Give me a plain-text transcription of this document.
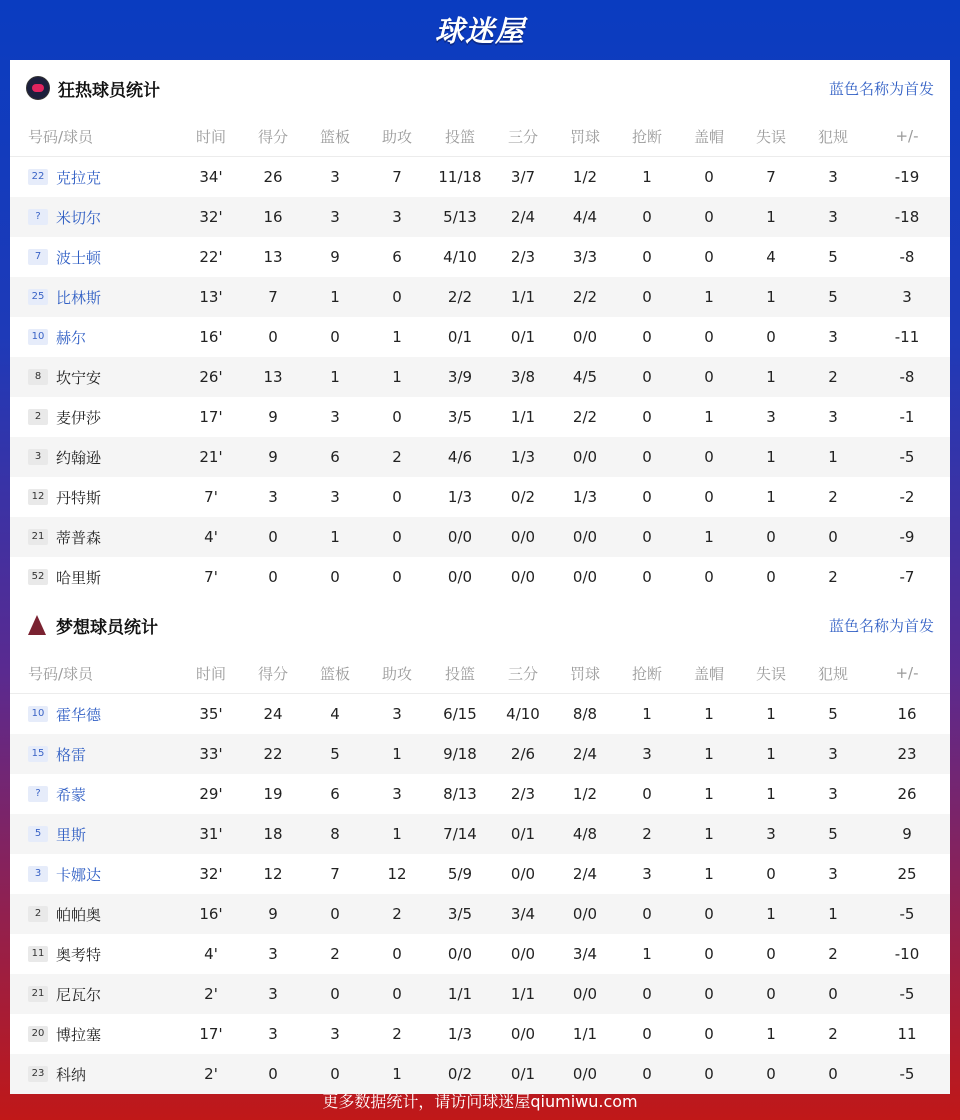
球迷屋
狂热球员统计	蓝色名称为首发
号码/球员	时间	得分	篮板	助攻	投篮	三分	罚球	抢断	盖帽	失误	犯规	+/-
22 克拉克	34'	26	3	7	11/18	3/7	1/2	1	0	7	3	-19
?	米切尔	32'	16	3	3	5/13	2/4	4/4	0	0	1	3	-18
7 波士顿	22'	13	9	6	4/10	2/3	3/3	0	0	4	5	-8
25 比林斯	13'	7	1	0	2/2	1/1	2/2	0	1	1	5	3
10 赫尔	16'	0	0	1	0/1	0/1	0/0	0	0	0	3	-11
8 坎宁安	26'	13	1	1	3/9	3/8	4/5	0	0	1	2	-8
2 麦伊莎	17'	9	3	0	3/5	1/1	2/2	0	1	3	3	-1
3 约翰逊	21'	9	6	2	4/6	1/3	0/0	0	0	1	1	-5
12 丹特斯	7'	3	3	0	1/3	0/2	1/3	0	0	1	2	-2
21 蒂普森	4'	0	1	0	0/0	0/0	0/0	0	1	0	0	-9
52 哈里斯	7'	0	0	0	0/0	0/0	0/0	0	0	0	2	-7
梦想球员统计	蓝色名称为首发
号码/球员	时间	得分	篮板	助攻	投篮	三分	罚球	抢断	盖帽	失误	犯规	+/-
10 霍华德	35'	24	4	3	6/15	4/10	8/8	1	1	1	5	16
15 格雷	33'	22	5	1	9/18	2/6	2/4	3	1	1	3	23
?	希蒙	29'	19	6	3	8/13	2/3	1/2	0	1	1	3	26
5 里斯	31'	18	8	1	7/14	0/1	4/8	2	1	3	5	9
3 卡娜达	32'	12	7	12	5/9	0/0	2/4	3	1	0	3	25
2 帕帕奥	16'	9	0	2	3/5	3/4	0/0	0	0	1	1	-5
11 奥考特	4'	3	2	0	0/0	0/0	3/4	1	0	0	2	-10
21 尼瓦尔	2'	3	0	0	1/1	1/1	0/0	0	0	0	0	-5
20 博拉塞	17'	3	3	2	1/3	0/0	1/1	0	0	1	2	11
23 科纳	2'	0	0	1	0/2	0/1	0/0	0	0	0	0	-5
更多数据统计，请访问球迷屋qiumiwu.com
